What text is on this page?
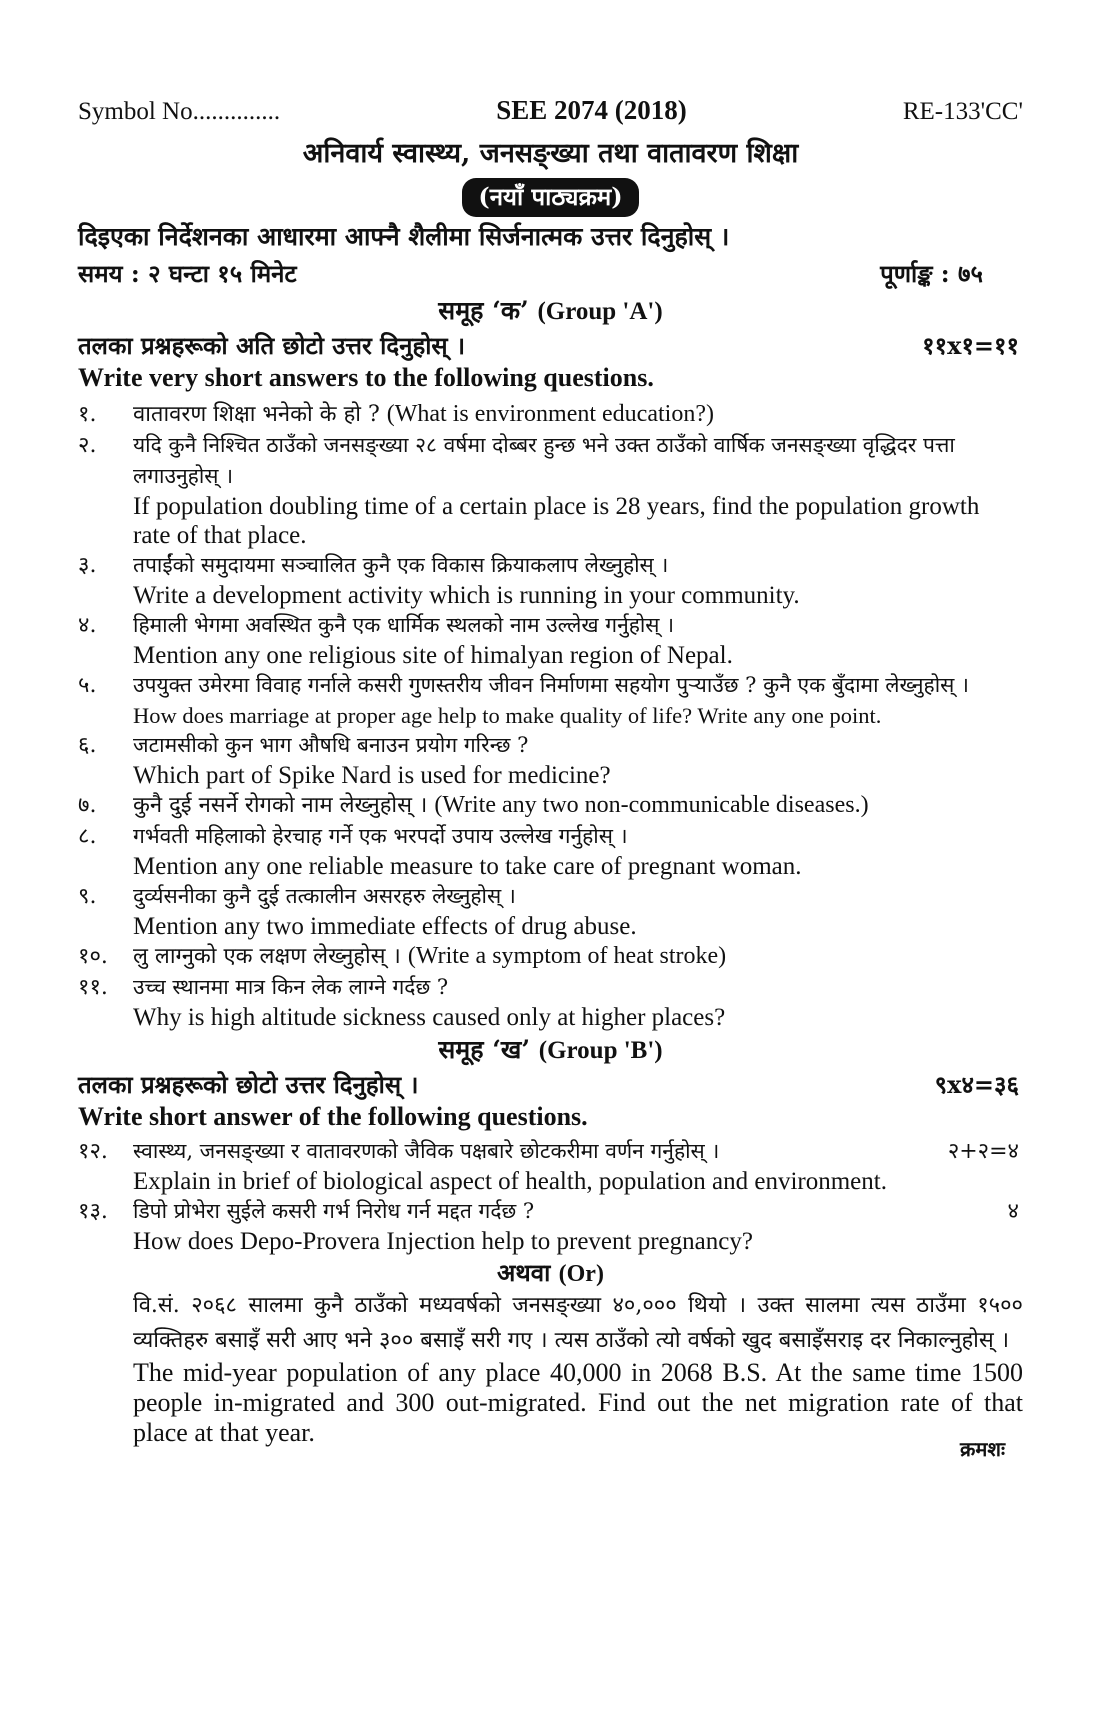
Symbol No..............	SEE 2074 (2018)	RE-133'CC'
अनिवार्य स्वास्थ्य, जनसङ्ख्या तथा वातावरण शिक्षा
(नयाँ पाठ्यक्रम)
दिइएका निर्देशनका आधारमा आफ्नै शैलीमा सिर्जनात्मक उत्तर दिनुहोस् ।
समय : २ घन्टा १५ मिनेट	पूर्णाङ्क : ७५
समूह ‘क’
(Group 'A')
तलका प्रश्नहरूको अति छोटो उत्तर दिनुहोस् ।	११x१=११
Write very short answers to the following questions.
१.	वातावरण शिक्षा भनेको के हो ? (What is environment education?)
२.	यदि कुनै निश्चित ठाउँको जनसङ्ख्या २८ वर्षमा दोब्बर हुन्छ भने उक्त ठाउँको वार्षिक जनसङ्ख्या वृद्धिदर पत्ता लगाउनुहोस् ।
If population doubling time of a certain place is 28 years, find the population growth rate of that place.
३.	तपाईंको समुदायमा सञ्चालित कुनै एक विकास क्रियाकलाप लेख्नुहोस् ।
Write a development activity which is running in your community.
४.	हिमाली भेगमा अवस्थित कुनै एक धार्मिक स्थलको नाम उल्लेख गर्नुहोस् ।
Mention any one religious site of himalyan region of Nepal.
५.	उपयुक्त उमेरमा विवाह गर्नाले कसरी गुणस्तरीय जीवन निर्माणमा सहयोग पुऱ्याउँछ ? कुनै एक बुँदामा लेख्नुहोस् ।
How does marriage at proper age help to make quality of life? Write any one point.
६.	जटामसीको कुन भाग औषधि बनाउन प्रयोग गरिन्छ ?
Which part of Spike Nard is used for medicine?
७.	कुनै दुई नसर्ने रोगको नाम लेख्नुहोस् । (Write any two non-communicable diseases.)
८.	गर्भवती महिलाको हेरचाह गर्ने एक भरपर्दो उपाय उल्लेख गर्नुहोस् ।
Mention any one reliable measure to take care of pregnant woman.
९.	दुर्व्यसनीका कुनै दुई तत्कालीन असरहरु लेख्नुहोस् ।
Mention any two immediate effects of drug abuse.
१०.	लु लाग्नुको एक लक्षण लेख्नुहोस् । (Write a symptom of heat stroke)
११.	उच्च स्थानमा मात्र किन लेक लाग्ने गर्दछ ?
Why is high altitude sickness caused only at higher places?
समूह ‘ख’
(Group 'B')
तलका प्रश्नहरूको छोटो उत्तर दिनुहोस् ।	९x४=३६
Write short answer of the following questions.
१२.	स्वास्थ्य, जनसङ्ख्या र वातावरणको जैविक पक्षबारे छोटकरीमा वर्णन गर्नुहोस् ।
Explain in brief of biological aspect of health, population and environment.
२+२=४
१३.	डिपो प्रोभेरा सुईले कसरी गर्भ निरोध गर्न मद्दत गर्दछ ?
How does Depo-Provera Injection help to prevent pregnancy?
४
अथवा
(Or)
वि.सं. २०६८ सालमा कुनै ठाउँको मध्यवर्षको जनसङ्ख्या ४०,००० थियो । उक्त सालमा त्यस ठाउँमा १५०० व्यक्तिहरु बसाइँ सरी आए भने ३०० बसाइँ सरी गए । त्यस ठाउँको त्यो वर्षको खुद बसाइँसराइ दर निकाल्नुहोस् ।
The mid-year population of any place 40,000 in 2068 B.S. At the same time 1500 people in-migrated and 300 out-migrated. Find out the net migration rate of that place at that year.
क्रमशः
